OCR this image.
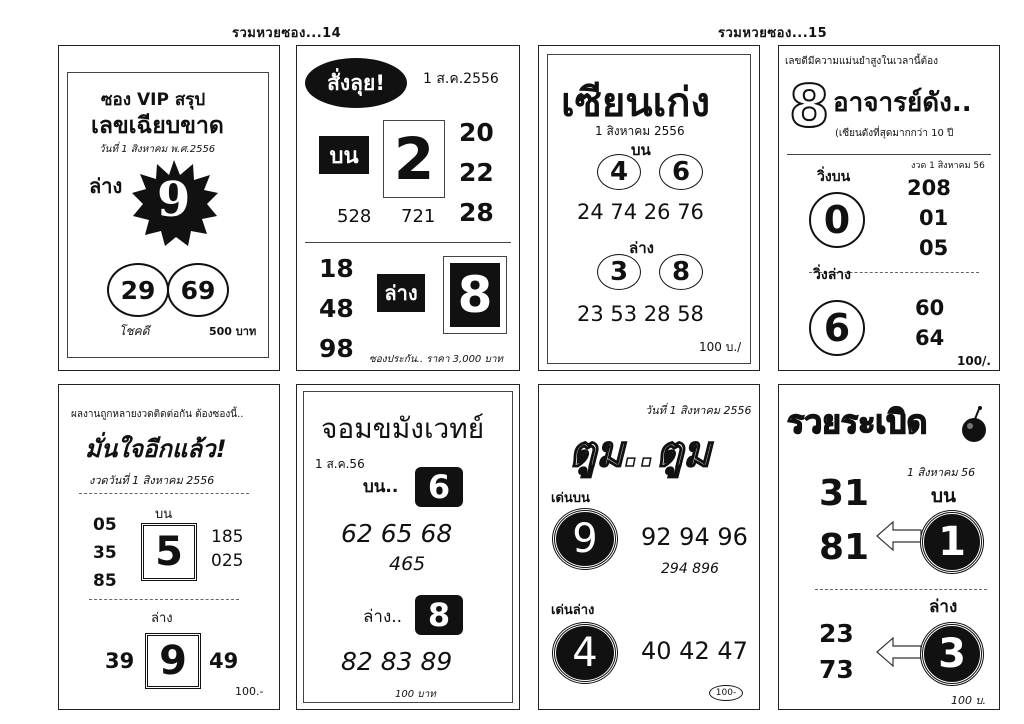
รวมหวยซอง...14	รวมหวยซอง...15
ซอง VIP สรุป
เลขเฉียบขาด
วันที่ 1 สิงหาคม พ.ศ.2556
ล่าง 9
29	69
โชคดี	500 บาท
สั่งลุย!	1 ส.ค.2556
บน 2 20
22
28
528 721
18
48
98
ล่าง 8
ซองประกัน.. ราคา 3,000 บาท
เซียนเก่ง
1 สิงหาคม 2556
บน
4	6
24 74 26 76
ล่าง
3	8
23 53 28 58
100 บ./
เลขดีมีความแม่นยำสูงในเวลานี้ต้อง
8 อาจารย์ดัง..
(เซียนดังที่สุดมากกว่า 10 ปี
งวด 1 สิงหาคม 56
วิ่งบน
0
208
01
05
วิ่งล่าง
6	60
64
100/.
ผลงานถูกหลายงวดติดต่อกัน ต้องซองนี้..
มั่นใจอีกแล้ว!
งวดวันที่ 1 สิงหาคม 2556
บน
05
35
85
5	185
025
ล่าง
39 9	49
100.-
จอมขมังเวทย์
1 ส.ค.56
บน.. 6
62 65 68
465
ล่าง.. 8
82 83 89
100 บาท
วันที่ 1 สิงหาคม 2556
ตูม..ตูม
เด่นบน
9	92 94 96
294 896
เด่นล่าง
4	40 42 47
100-
รวยระเบิด
1 สิงหาคม 56
31	บน
81	1
ล่าง
23
73	3
100 บ.
